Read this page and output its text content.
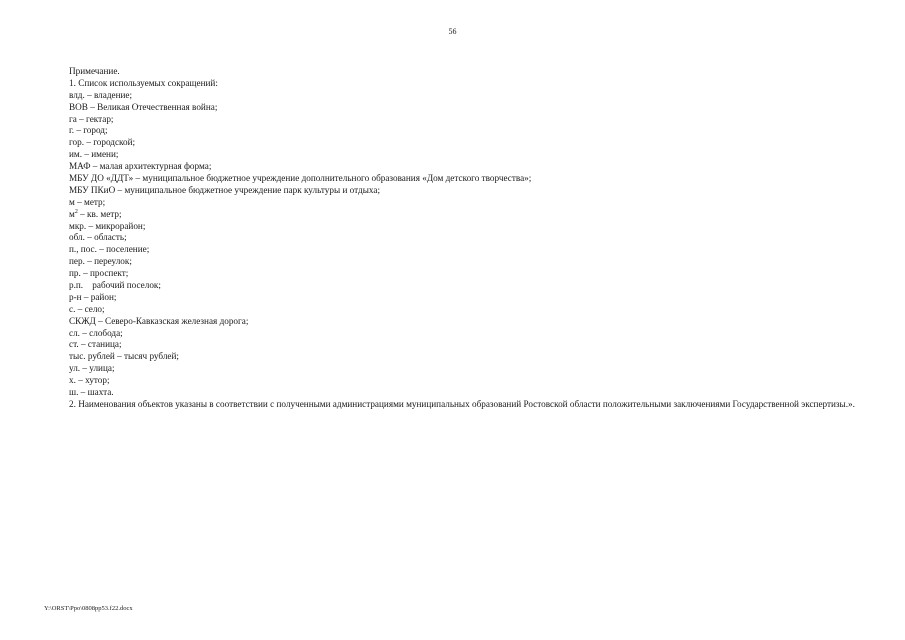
56
Примечание.
1. Список используемых сокращений:
влд. – владение;
ВОВ – Великая Отечественная война;
га – гектар;
г. – город;
гор. – городской;
им. – имени;
МАФ – малая архитектурная форма;
МБУ ДО «ДДТ» – муниципальное бюджетное учреждение дополнительного образования «Дом детского творчества»;
МБУ ПКиО – муниципальное бюджетное учреждение парк культуры и отдыха;
м – метр;
$м^2$ – кв. метр;
мкр. – микрорайон;
обл. – область;
п., пос. – поселение;
пер. – переулок;
пр. – проспект;
р.п. рабочий поселок;
р-н – район;
с. – село;
СКЖД – Северо-Кавказская железная дорога;
сл. – слобода;
ст. – станица;
тыс. рублей – тысяч рублей;
ул. – улица;
х. – хутор;
ш. – шахта.
2. Наименования объектов указаны в соответствии с полученными администрациями муниципальных образований Ростовской области положительными заключениями Государственной экспертизы.».
Y:\ORST\Ppo\0808pp53.f22.docx
